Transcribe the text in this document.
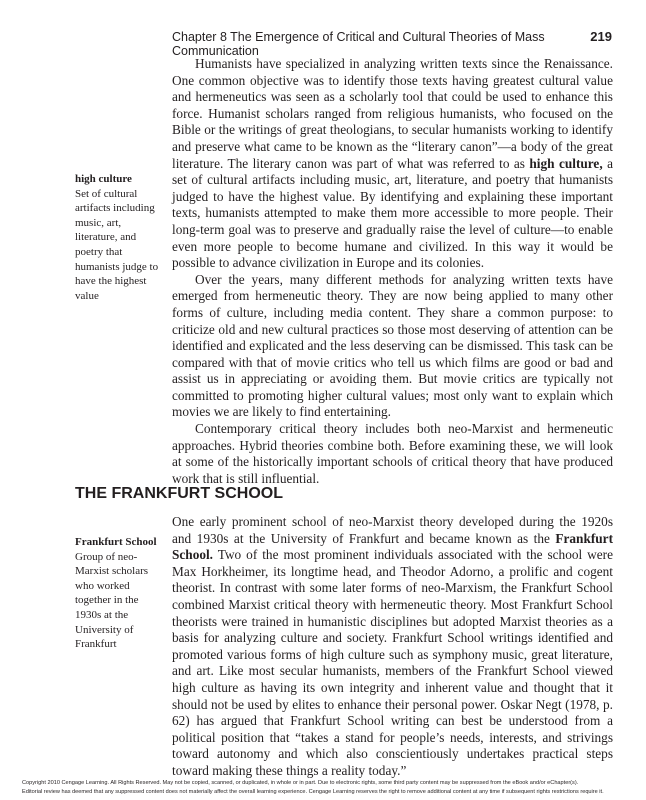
Chapter 8 The Emergence of Critical and Cultural Theories of Mass Communication
219

Humanists have specialized in analyzing written texts since the Renaissance. One common objective was to identify those texts having greatest cultural value and hermeneutics was seen as a scholarly tool that could be used to enhance this force. Humanist scholars ranged from religious humanists, who focused on the Bible or the writings of great theologians, to secular humanists working to identify and preserve what came to be known as the “literary canon”—a body of the great literature. The literary canon was part of what was referred to as high culture, a set of cultural artifacts including music, art, literature, and poetry that humanists judged to have the highest value. By identifying and explaining these important texts, humanists attempted to make them more accessible to more people. Their long-term goal was to preserve and gradually raise the level of culture—to enable even more people to become humane and civilized. In this way it would be possible to advance civilization in Europe and its colonies.

Over the years, many different methods for analyzing written texts have emerged from hermeneutic theory. They are now being applied to many other forms of culture, including media content. They share a common purpose: to criticize old and new cultural practices so those most deserving of attention can be identified and explicated and the less deserving can be dismissed. This task can be compared with that of movie critics who tell us which films are good or bad and assist us in appreciating or avoiding them. But movie critics are typically not committed to promoting higher cultural values; most only want to explain which movies we are likely to find entertaining.

Contemporary critical theory includes both neo-Marxist and hermeneutic approaches. Hybrid theories combine both. Before examining these, we will look at some of the historically important schools of critical theory that have produced work that is still influential.

high culture
Set of cultural artifacts including music, art, literature, and poetry that humanists judge to have the highest value
THE FRANKFURT SCHOOL

One early prominent school of neo-Marxist theory developed during the 1920s and 1930s at the University of Frankfurt and became known as the Frankfurt School. Two of the most prominent individuals associated with the school were Max Horkheimer, its longtime head, and Theodor Adorno, a prolific and cogent theorist. In contrast with some later forms of neo-Marxism, the Frankfurt School combined Marxist critical theory with hermeneutic theory. Most Frankfurt School theorists were trained in humanistic disciplines but adopted Marxist theories as a basis for analyzing culture and society. Frankfurt School writings identified and promoted various forms of high culture such as symphony music, great literature, and art. Like most secular humanists, members of the Frankfurt School viewed high culture as having its own integrity and inherent value and thought that it should not be used by elites to enhance their personal power. Oskar Negt (1978, p. 62) has argued that Frankfurt School writing can best be understood from a political position that “takes a stand for people’s needs, interests, and strivings toward autonomy and which also conscientiously undertakes practical steps toward making these things a reality today.”

Frankfurt School
Group of neo-Marxist scholars who worked together in the 1930s at the University of Frankfurt
Copyright 2010 Cengage Learning. All Rights Reserved. May not be copied, scanned, or duplicated, in whole or in part. Due to electronic rights, some third party content may be suppressed from the eBook and/or eChapter(s).
Editorial review has deemed that any suppressed content does not materially affect the overall learning experience. Cengage Learning reserves the right to remove additional content at any time if subsequent rights restrictions require it.
